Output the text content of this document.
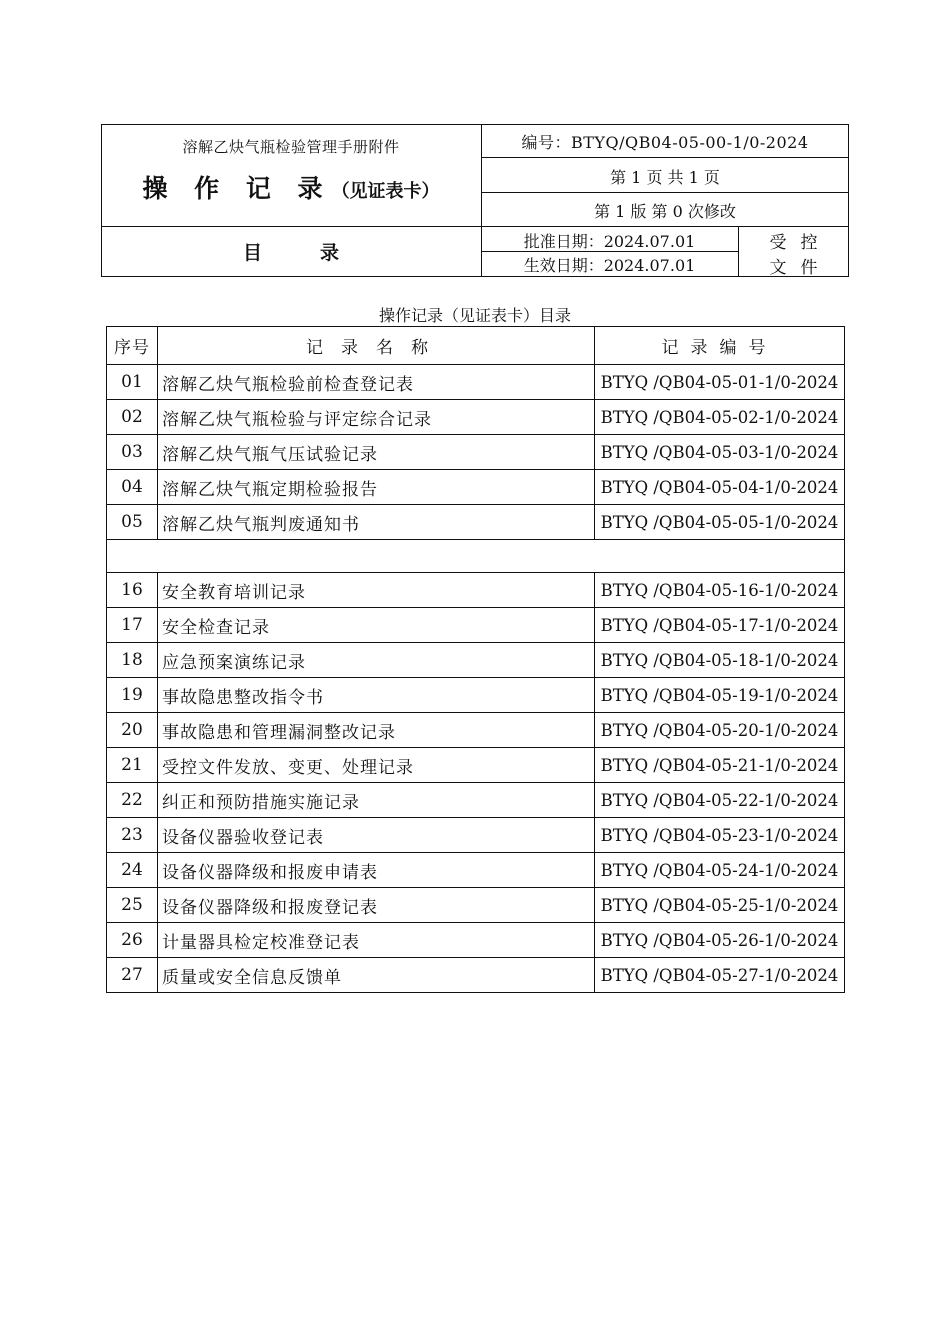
溶解乙炔气瓶检验管理手册附件
操 作 记 录（见证表卡）
编号：BTYQ/QB04-05-00-1/0-2024
第 1 页 共 1 页
第 1 版 第 0 次修改
目录
批准日期：2024.07.01
生效日期：2024.07.01
受控
文件
操作记录（见证表卡）目录
序号	记录名称	记录编号
01	溶解乙炔气瓶检验前检查登记表	BTYQ /QB04-05-01-1/0-2024
02	溶解乙炔气瓶检验与评定综合记录	BTYQ /QB04-05-02-1/0-2024
03	溶解乙炔气瓶气压试验记录	BTYQ /QB04-05-03-1/0-2024
04	溶解乙炔气瓶定期检验报告	BTYQ /QB04-05-04-1/0-2024
05	溶解乙炔气瓶判废通知书	BTYQ /QB04-05-05-1/0-2024

16	安全教育培训记录	BTYQ /QB04-05-16-1/0-2024
17	安全检查记录	BTYQ /QB04-05-17-1/0-2024
18	应急预案演练记录	BTYQ /QB04-05-18-1/0-2024
19	事故隐患整改指令书	BTYQ /QB04-05-19-1/0-2024
20	事故隐患和管理漏洞整改记录	BTYQ /QB04-05-20-1/0-2024
21	受控文件发放、变更、处理记录	BTYQ /QB04-05-21-1/0-2024
22	纠正和预防措施实施记录	BTYQ /QB04-05-22-1/0-2024
23	设备仪器验收登记表	BTYQ /QB04-05-23-1/0-2024
24	设备仪器降级和报废申请表	BTYQ /QB04-05-24-1/0-2024
25	设备仪器降级和报废登记表	BTYQ /QB04-05-25-1/0-2024
26	计量器具检定校准登记表	BTYQ /QB04-05-26-1/0-2024
27	质量或安全信息反馈单	BTYQ /QB04-05-27-1/0-2024
